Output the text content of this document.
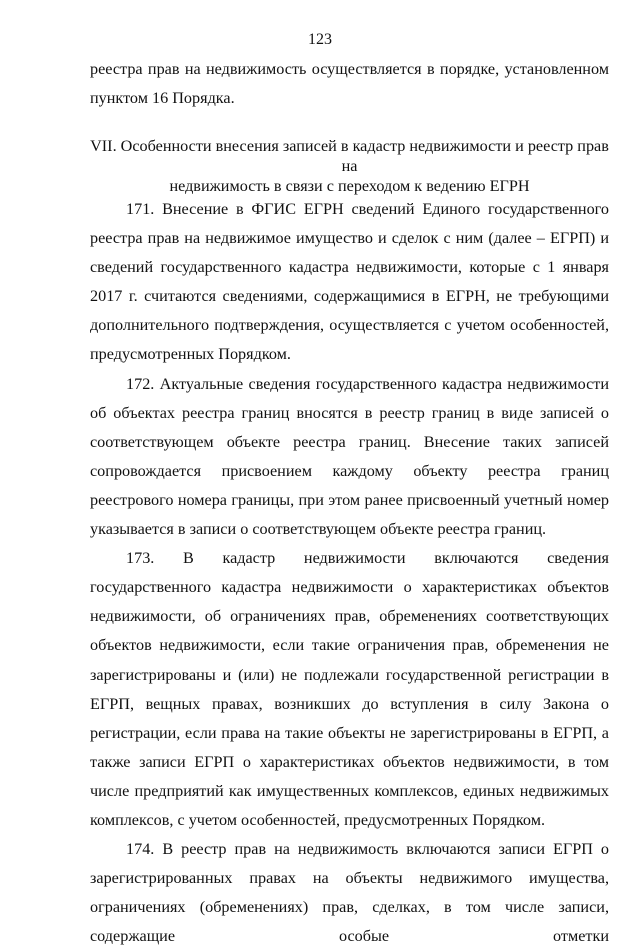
123

реестра прав на недвижимость осуществляется в порядке, установленном пунктом 16 Порядка.

VII. Особенности внесения записей в кадастр недвижимости и реестр прав на
недвижимость в связи с переходом к ведению ЕГРН

171. Внесение в ФГИС ЕГРН сведений Единого государственного реестра прав на недвижимое имущество и сделок с ним (далее – ЕГРП) и сведений государственного кадастра недвижимости, которые с 1 января 2017 г. считаются сведениями, содержащимися в ЕГРН, не требующими дополнительного подтверждения, осуществляется с учетом особенностей, предусмотренных Порядком.

172. Актуальные сведения государственного кадастра недвижимости об объектах реестра границ вносятся в реестр границ в виде записей о соответствующем объекте реестра границ. Внесение таких записей сопровождается присвоением каждому объекту реестра границ реестрового номера границы, при этом ранее присвоенный учетный номер указывается в записи о соответствующем объекте реестра границ.

173. В кадастр недвижимости включаются сведения государственного кадастра недвижимости о характеристиках объектов недвижимости, об ограничениях прав, обременениях соответствующих объектов недвижимости, если такие ограничения прав, обременения не зарегистрированы и (или) не подлежали государственной регистрации в ЕГРП, вещных правах, возникших до вступления в силу Закона о регистрации, если права на такие объекты не зарегистрированы в ЕГРП, а также записи ЕГРП о характеристиках объектов недвижимости, в том числе предприятий как имущественных комплексов, единых недвижимых комплексов, с учетом особенностей, предусмотренных Порядком.

174. В реестр прав на недвижимость включаются записи ЕГРП о зарегистрированных правах на объекты недвижимого имущества, ограничениях (обременениях) прав, сделках, в том числе записи, содержащие особые отметки
